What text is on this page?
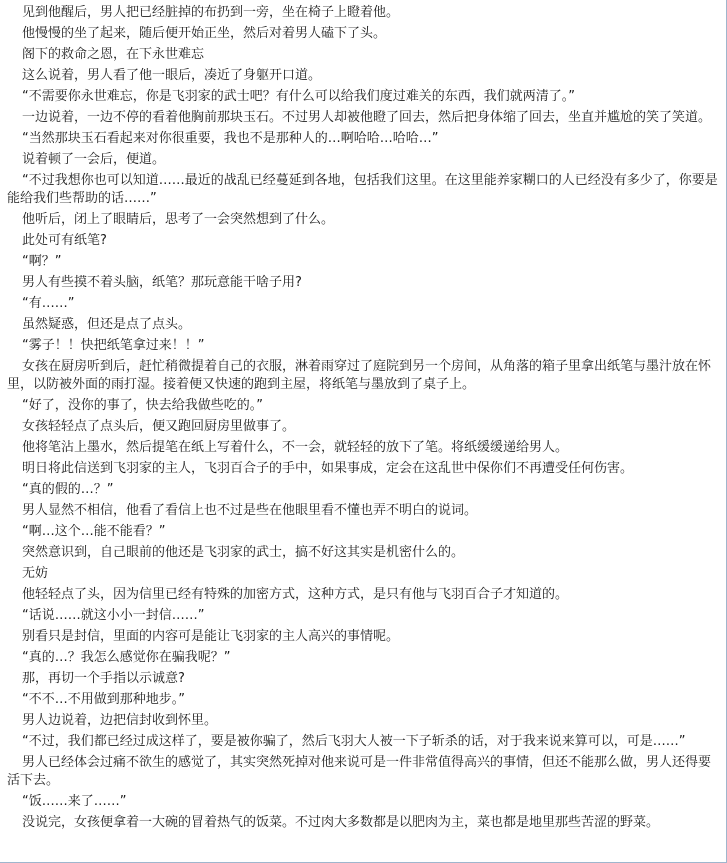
见到他醒后，男人把已经脏掉的布扔到一旁，坐在椅子上瞪着他。

他慢慢的坐了起来，随后便开始正坐，然后对着男人磕下了头。

阁下的救命之恩，在下永世难忘

这么说着，男人看了他一眼后，凑近了身躯开口道。

“不需要你永世难忘，你是飞羽家的武士吧？有什么可以给我们度过难关的东西，我们就两清了。”

一边说着，一边不停的看着他胸前那块玉石。不过男人却被他瞪了回去，然后把身体缩了回去，坐直并尴尬的笑了笑道。

“当然那块玉石看起来对你很重要，我也不是那种人的…啊哈哈…哈哈…”

说着顿了一会后，便道。

“不过我想你也可以知道……最近的战乱已经蔓延到各地，包括我们这里。在这里能养家糊口的人已经没有多少了，你要是能给我们些帮助的话……”

他听后，闭上了眼睛后，思考了一会突然想到了什么。

此处可有纸笔?

“啊？”

男人有些摸不着头脑，纸笔？那玩意能干啥子用?

“有……”

虽然疑惑，但还是点了点头。

“雾子！！快把纸笔拿过来！！”

女孩在厨房听到后，赶忙稍微提着自己的衣服，淋着雨穿过了庭院到另一个房间，从角落的箱子里拿出纸笔与墨汁放在怀里，以防被外面的雨打湿。接着便又快速的跑到主屋，将纸笔与墨放到了桌子上。

“好了，没你的事了，快去给我做些吃的。”

女孩轻轻点了点头后，便又跑回厨房里做事了。

他将笔沾上墨水，然后提笔在纸上写着什么，不一会，就轻轻的放下了笔。将纸缓缓递给男人。

明日将此信送到飞羽家的主人，飞羽百合子的手中，如果事成，定会在这乱世中保你们不再遭受任何伤害。

“真的假的…？”

男人显然不相信，他看了看信上也不过是些在他眼里看不懂也弄不明白的说词。

“啊…这个…能不能看？”

突然意识到，自己眼前的他还是飞羽家的武士，搞不好这其实是机密什么的。

无妨

他轻轻点了头，因为信里已经有特殊的加密方式，这种方式，是只有他与飞羽百合子才知道的。

“话说……就这小小一封信……”

别看只是封信，里面的内容可是能让飞羽家的主人高兴的事情呢。

“真的…？我怎么感觉你在骗我呢？”

那，再切一个手指以示诚意?

“不不…不用做到那种地步。”

男人边说着，边把信封收到怀里。

“不过，我们都已经过成这样了，要是被你骗了，然后飞羽大人被一下子斩杀的话，对于我来说来算可以，可是……”

男人已经体会过痛不欲生的感觉了，其实突然死掉对他来说可是一件非常值得高兴的事情，但还不能那么做，男人还得要活下去。

“饭……来了……”

没说完，女孩便拿着一大碗的冒着热气的饭菜。不过肉大多数都是以肥肉为主，菜也都是地里那些苦涩的野菜。
